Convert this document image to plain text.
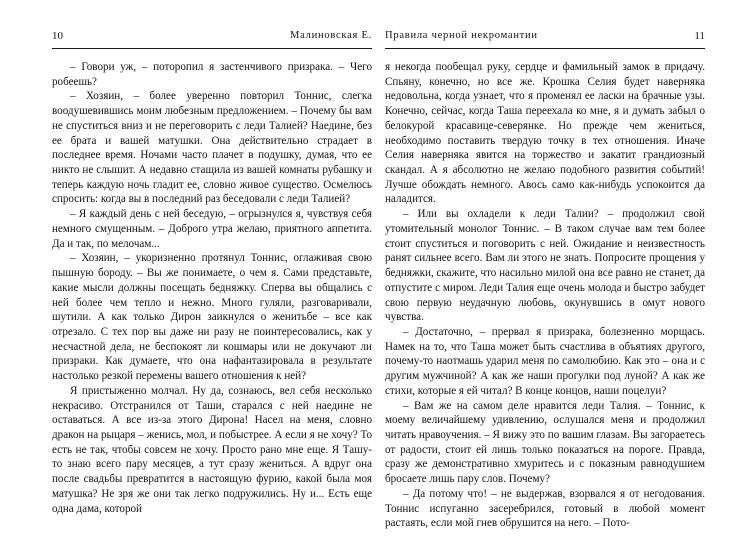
10	Малиновская Е.

– Говори уж, – поторопил я застенчивого призрака. – Чего робеешь?

– Хозяин, – более уверенно повторил Тоннис, слегка воодушевившись моим любезным предложением. – Почему бы вам не спуститься вниз и не переговорить с леди Талией? Наедине, без ее брата и вашей матушки. Она действительно страдает в последнее время. Ночами часто плачет в подушку, думая, что ее никто не слышит. А недавно стащила из вашей комнаты рубашку и теперь каждую ночь гладит ее, словно живое существо. Осмелюсь спросить: когда вы в последний раз беседовали с леди Талией?

– Я каждый день с ней беседую, – огрызнулся я, чувствуя себя немного смущенным. – Доброго утра желаю, приятного аппетита. Да и так, по мелочам...

– Хозяин, – укоризненно протянул Тоннис, оглаживая свою пышную бороду. – Вы же понимаете, о чем я. Сами представьте, какие мысли должны посещать бедняжку. Сперва вы общались с ней более чем тепло и нежно. Много гуляли, разговаривали, шутили. А как только Дирон заикнулся о женитьбе – все как отрезало. С тех пор вы даже ни разу не поинтересовались, как у несчастной дела, не беспокоят ли кошмары или не докучают ли призраки. Как думаете, что она нафантазировала в результате настолько резкой перемены вашего отношения к ней?

Я пристыженно молчал. Ну да, сознаюсь, вел себя несколько некрасиво. Отстранился от Таши, старался с ней наедине не оставаться. А все из-за этого Дирона! Насел на меня, словно дракон на рыцаря – женись, мол, и побыстрее. А если я не хочу? То есть не так, чтобы совсем не хочу. Просто рано мне еще. Я Ташу-то знаю всего пару месяцев, а тут сразу жениться. А вдруг она после свадьбы превратится в настоящую фурию, какой была моя матушка? Не зря же они так легко подружились. Ну и... Есть еще одна дама, которой

Правила черной некромантии	11

я некогда пообещал руку, сердце и фамильный замок в придачу. Спьяну, конечно, но все же. Крошка Селия будет наверняка недовольна, когда узнает, что я променял ее ласки на брачные узы. Конечно, сейчас, когда Таша переехала ко мне, я и думать забыл о белокурой красавице-северянке. Но прежде чем жениться, необходимо поставить твердую точку в тех отношения. Иначе Селия наверняка явится на торжество и закатит грандиозный скандал. А я абсолютно не желаю подобного развития событий! Лучше обождать немного. Авось само как-нибудь успокоится да наладится.

– Или вы охладели к леди Талии? – продолжил свой утомительный монолог Тоннис. – В таком случае вам тем более стоит спуститься и поговорить с ней. Ожидание и неизвестность ранят сильнее всего. Вам ли этого не знать. Попросите прощения у бедняжки, скажите, что насильно милой она все равно не станет, да отпустите с миром. Леди Талия еще очень молода и быстро забудет свою первую неудачную любовь, окунувшись в омут нового чувства.

– Достаточно, – прервал я призрака, болезненно морщась. Намек на то, что Таша может быть счастлива в объятиях другого, почему-то наотмашь ударил меня по самолюбию. Как это – она и с другим мужчиной? А как же наши прогулки под луной? А как же стихи, которые я ей читал? В конце концов, наши поцелуи?

– Вам же на самом деле нравится леди Талия. – Тоннис, к моему величайшему удивлению, ослушался меня и продолжил читать нравоучения. – Я вижу это по вашим глазам. Вы загораетесь от радости, стоит ей лишь только показаться на пороге. Правда, сразу же демонстративно хмуритесь и с показным равнодушием бросаете лишь пару слов. Почему?

– Да потому что! – не выдержав, взорвался я от негодования. Тоннис испуганно засеребрился, готовый в любой момент растаять, если мой гнев обрушится на него. – Пото-
